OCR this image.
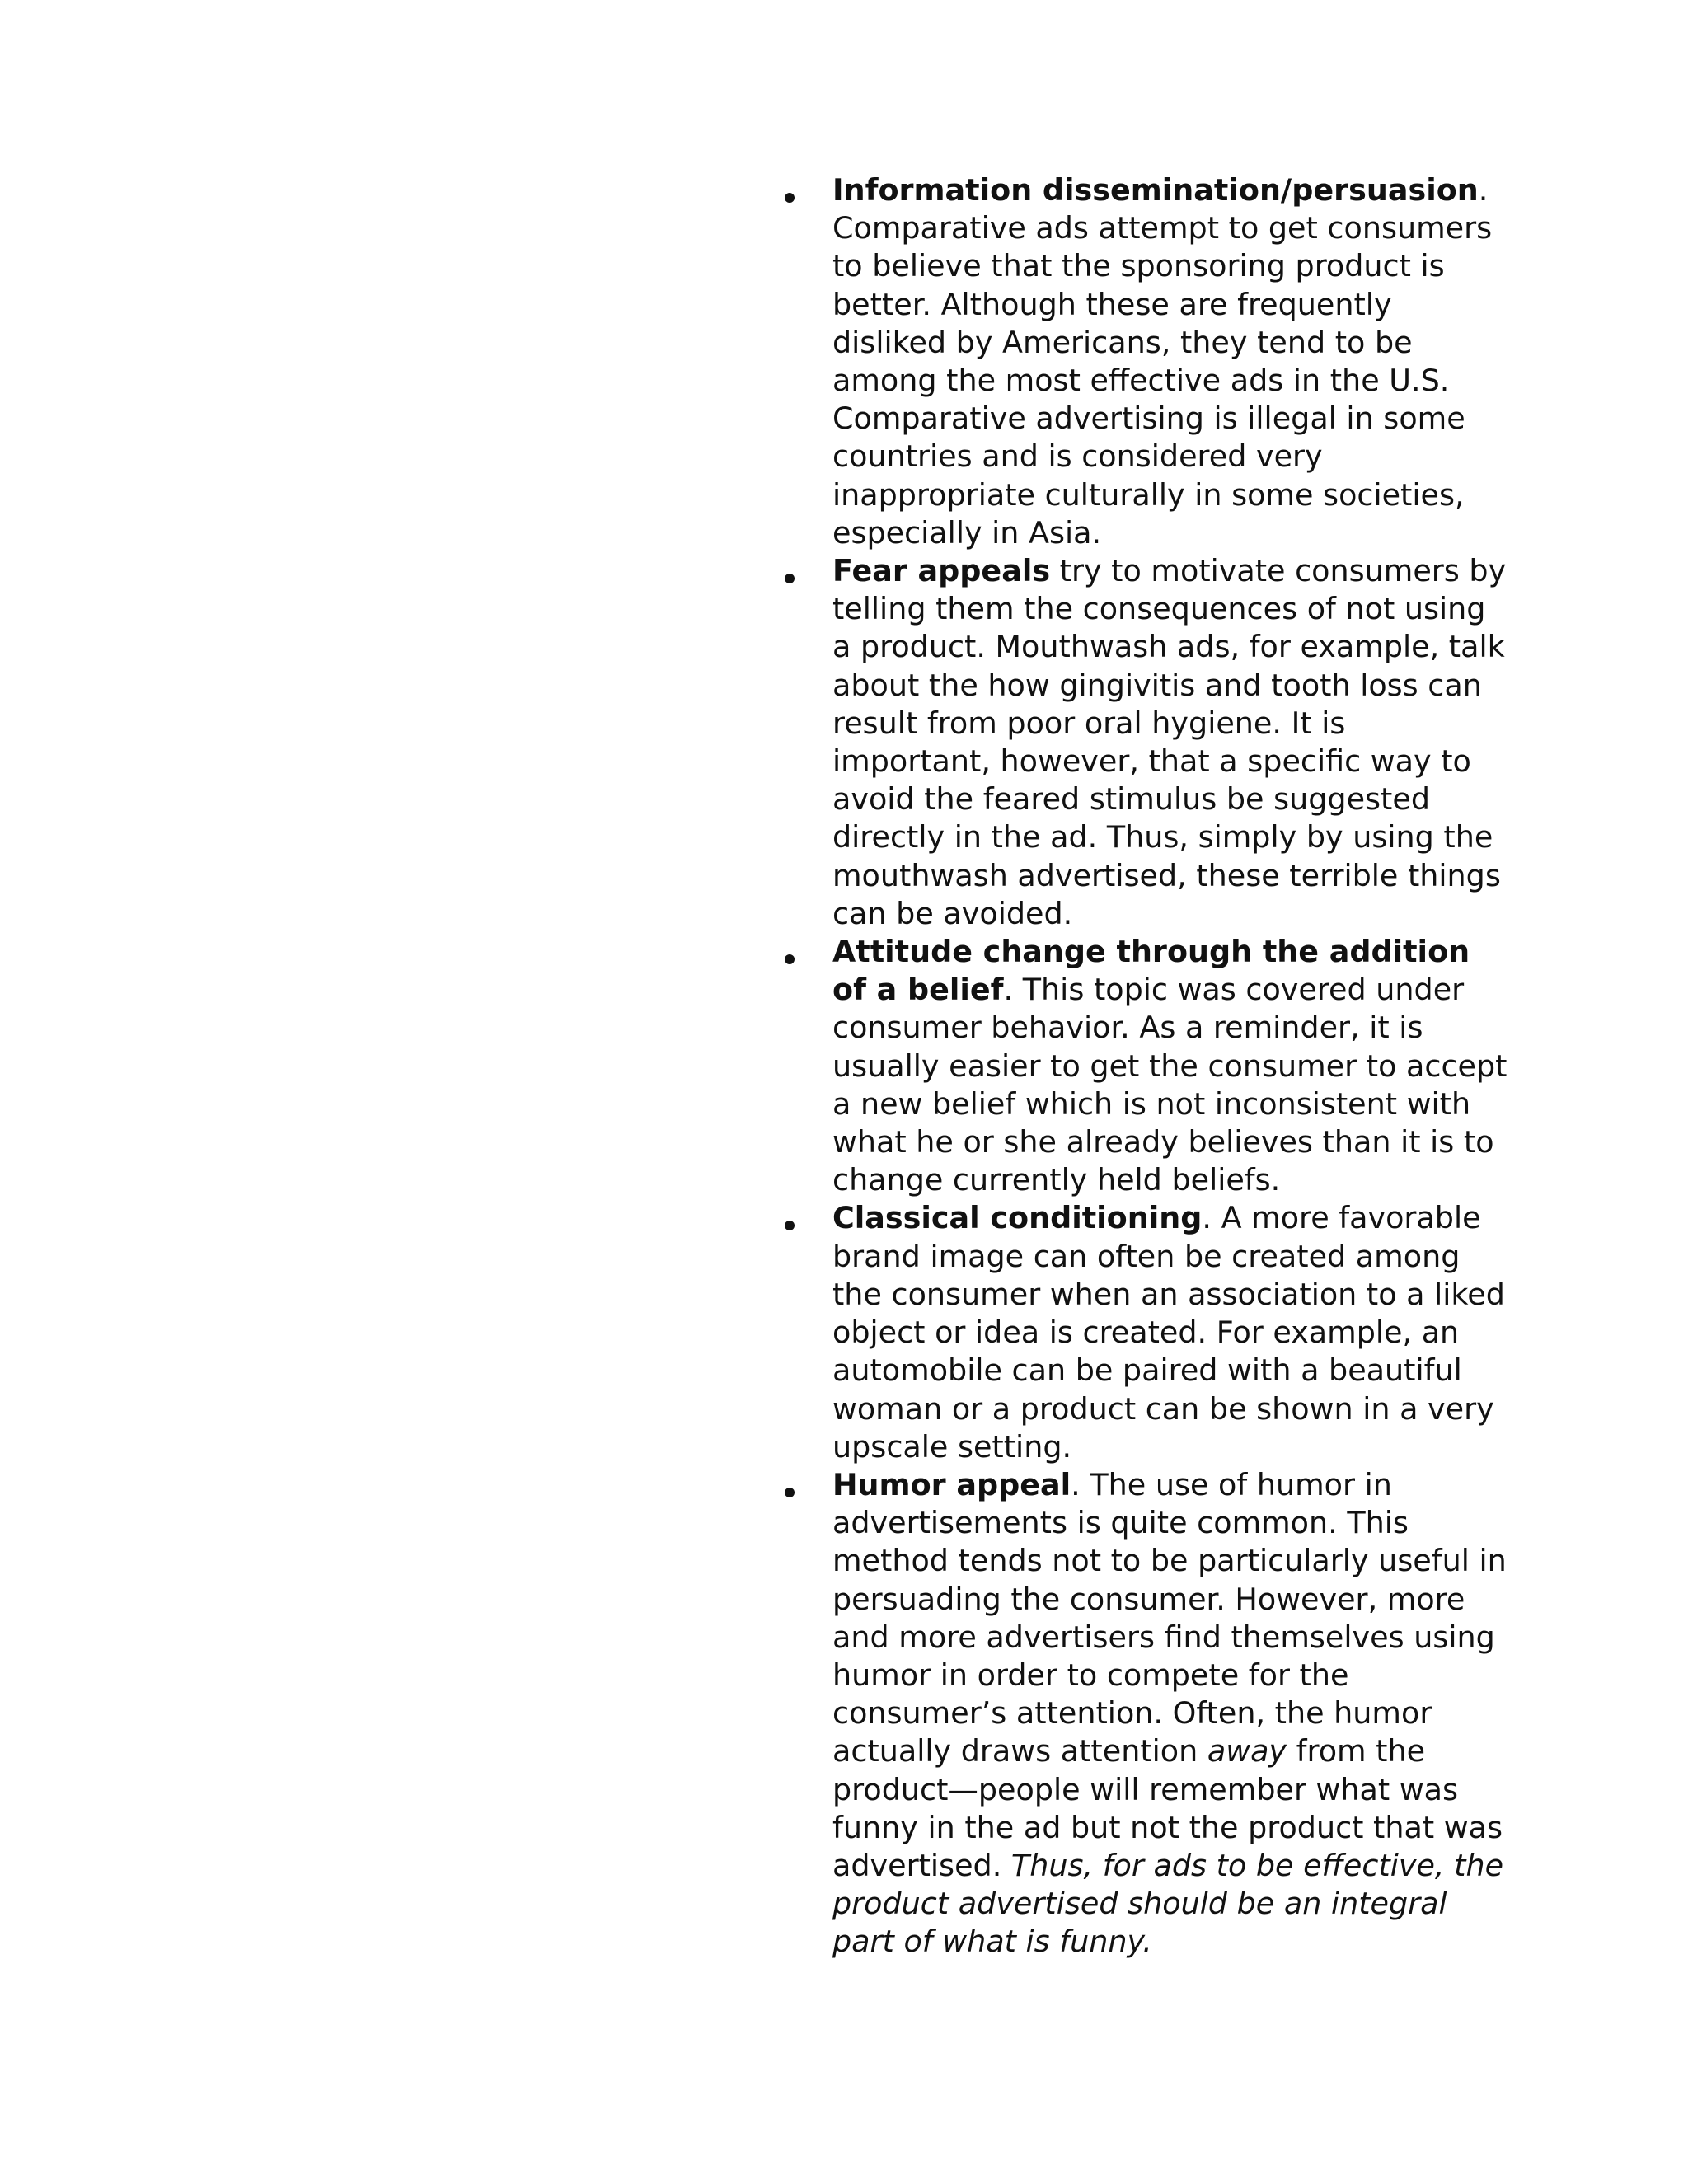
Information dissemination/persuasion. Comparative ads attempt to get consumers to believe that the sponsoring product is better. Although these are frequently disliked by Americans, they tend to be among the most effective ads in the U.S. Comparative advertising is illegal in some countries and is considered very inappropriate culturally in some societies, especially in Asia.
Fear appeals try to motivate consumers by telling them the consequences of not using a product. Mouthwash ads, for example, talk about the how gingivitis and tooth loss can result from poor oral hygiene. It is important, however, that a specific way to avoid the feared stimulus be suggested directly in the ad. Thus, simply by using the mouthwash advertised, these terrible things can be avoided.
Attitude change through the addition of a belief. This topic was covered under consumer behavior. As a reminder, it is usually easier to get the consumer to accept a new belief which is not inconsistent with what he or she already believes than it is to change currently held beliefs.
Classical conditioning. A more favorable brand image can often be created among the consumer when an association to a liked object or idea is created. For example, an automobile can be paired with a beautiful woman or a product can be shown in a very upscale setting.
Humor appeal. The use of humor in advertisements is quite common. This method tends not to be particularly useful in persuading the consumer. However, more and more advertisers find themselves using humor in order to compete for the consumer’s attention. Often, the humor actually draws attention away from the product—people will remember what was funny in the ad but not the product that was advertised. Thus, for ads to be effective, the product advertised should be an integral part of what is funny.
